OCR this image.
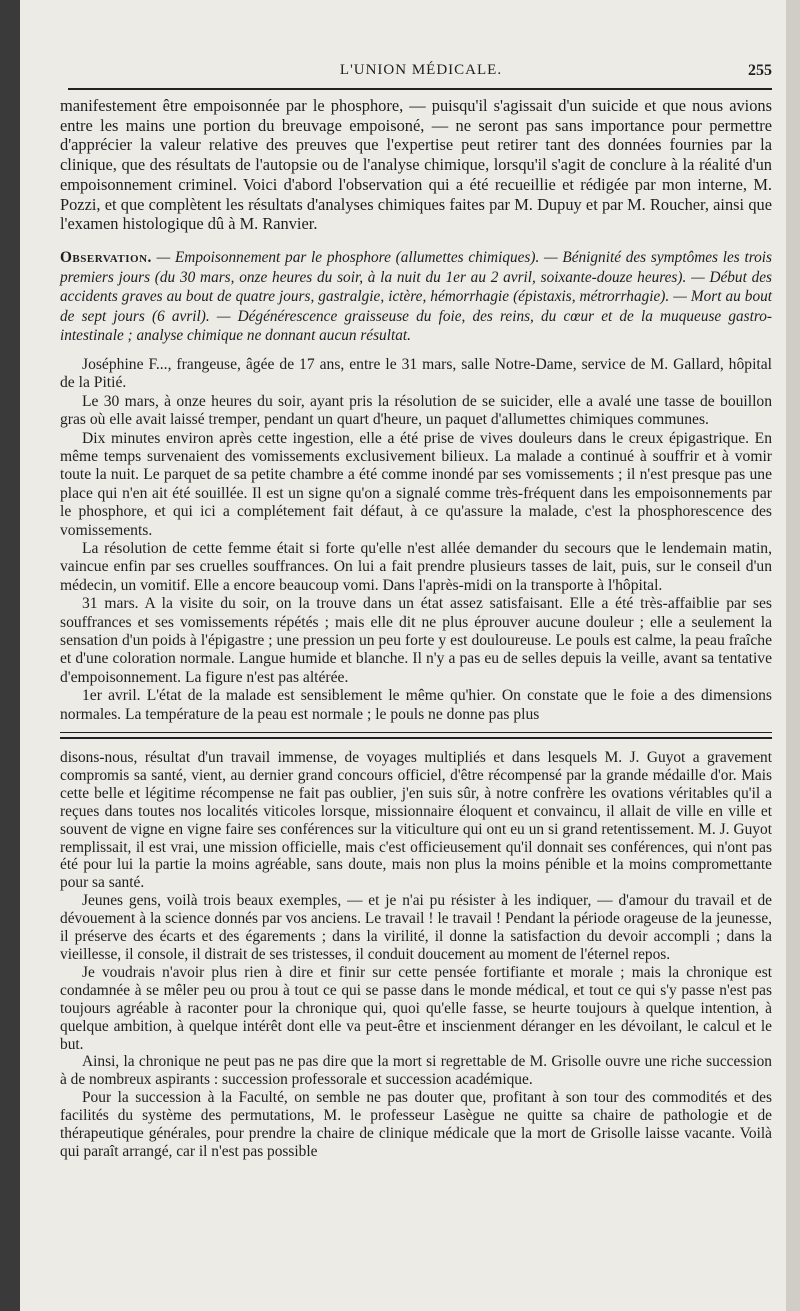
L'UNION MÉDICALE.	255

manifestement être empoisonnée par le phosphore, — puisqu'il s'agissait d'un suicide et que nous avions entre les mains une portion du breuvage empoisoné, — ne seront pas sans importance pour permettre d'apprécier la valeur relative des preuves que l'expertise peut retirer tant des données fournies par la clinique, que des résultats de l'autopsie ou de l'analyse chimique, lorsqu'il s'agit de conclure à la réalité d'un empoisonnement criminel. Voici d'abord l'observation qui a été recueillie et rédigée par mon interne, M. Pozzi, et que complètent les résultats d'analyses chimiques faites par M. Dupuy et par M. Roucher, ainsi que l'examen histologique dû à M. Ranvier.

Observation. — Empoisonnement par le phosphore (allumettes chimiques). — Bénignité des symptômes les trois premiers jours (du 30 mars, onze heures du soir, à la nuit du 1er au 2 avril, soixante-douze heures). — Début des accidents graves au bout de quatre jours, gastralgie, ictère, hémorrhagie (épistaxis, métrorrhagie). — Mort au bout de sept jours (6 avril). — Dégénérescence graisseuse du foie, des reins, du cœur et de la muqueuse gastro-intestinale ; analyse chimique ne donnant aucun résultat.

Joséphine F..., frangeuse, âgée de 17 ans, entre le 31 mars, salle Notre-Dame, service de M. Gallard, hôpital de la Pitié.

Le 30 mars, à onze heures du soir, ayant pris la résolution de se suicider, elle a avalé une tasse de bouillon gras où elle avait laissé tremper, pendant un quart d'heure, un paquet d'allumettes chimiques communes.

Dix minutes environ après cette ingestion, elle a été prise de vives douleurs dans le creux épigastrique. En même temps survenaient des vomissements exclusivement bilieux. La malade a continué à souffrir et à vomir toute la nuit. Le parquet de sa petite chambre a été comme inondé par ses vomissements ; il n'est presque pas une place qui n'en ait été souillée. Il est un signe qu'on a signalé comme très-fréquent dans les empoisonnements par le phosphore, et qui ici a complétement fait défaut, à ce qu'assure la malade, c'est la phosphorescence des vomissements.

La résolution de cette femme était si forte qu'elle n'est allée demander du secours que le lendemain matin, vaincue enfin par ses cruelles souffrances. On lui a fait prendre plusieurs tasses de lait, puis, sur le conseil d'un médecin, un vomitif. Elle a encore beaucoup vomi. Dans l'après-midi on la transporte à l'hôpital.

31 mars. A la visite du soir, on la trouve dans un état assez satisfaisant. Elle a été très-affaiblie par ses souffrances et ses vomissements répétés ; mais elle dit ne plus éprouver aucune douleur ; elle a seulement la sensation d'un poids à l'épigastre ; une pression un peu forte y est douloureuse. Le pouls est calme, la peau fraîche et d'une coloration normale. Langue humide et blanche. Il n'y a pas eu de selles depuis la veille, avant sa tentative d'empoisonnement. La figure n'est pas altérée.

1er avril. L'état de la malade est sensiblement le même qu'hier. On constate que le foie a des dimensions normales. La température de la peau est normale ; le pouls ne donne pas plus

disons-nous, résultat d'un travail immense, de voyages multipliés et dans lesquels M. J. Guyot a gravement compromis sa santé, vient, au dernier grand concours officiel, d'être récompensé par la grande médaille d'or. Mais cette belle et légitime récompense ne fait pas oublier, j'en suis sûr, à notre confrère les ovations véritables qu'il a reçues dans toutes nos localités viticoles lorsque, missionnaire éloquent et convaincu, il allait de ville en ville et souvent de vigne en vigne faire ses conférences sur la viticulture qui ont eu un si grand retentissement. M. J. Guyot remplissait, il est vrai, une mission officielle, mais c'est officieusement qu'il donnait ses conférences, qui n'ont pas été pour lui la partie la moins agréable, sans doute, mais non plus la moins pénible et la moins compromettante pour sa santé.

Jeunes gens, voilà trois beaux exemples, — et je n'ai pu résister à les indiquer, — d'amour du travail et de dévouement à la science donnés par vos anciens. Le travail ! le travail ! Pendant la période orageuse de la jeunesse, il préserve des écarts et des égarements ; dans la virilité, il donne la satisfaction du devoir accompli ; dans la vieillesse, il console, il distrait de ses tristesses, il conduit doucement au moment de l'éternel repos.

Je voudrais n'avoir plus rien à dire et finir sur cette pensée fortifiante et morale ; mais la chronique est condamnée à se mêler peu ou prou à tout ce qui se passe dans le monde médical, et tout ce qui s'y passe n'est pas toujours agréable à raconter pour la chronique qui, quoi qu'elle fasse, se heurte toujours à quelque intention, à quelque ambition, à quelque intérêt dont elle va peut-être et inscienment déranger en les dévoilant, le calcul et le but.

Ainsi, la chronique ne peut pas ne pas dire que la mort si regrettable de M. Grisolle ouvre une riche succession à de nombreux aspirants : succession professorale et succession académique.

Pour la succession à la Faculté, on semble ne pas douter que, profitant à son tour des commodités et des facilités du système des permutations, M. le professeur Lasègue ne quitte sa chaire de pathologie et de thérapeutique générales, pour prendre la chaire de clinique médicale que la mort de Grisolle laisse vacante. Voilà qui paraît arrangé, car il n'est pas possible
